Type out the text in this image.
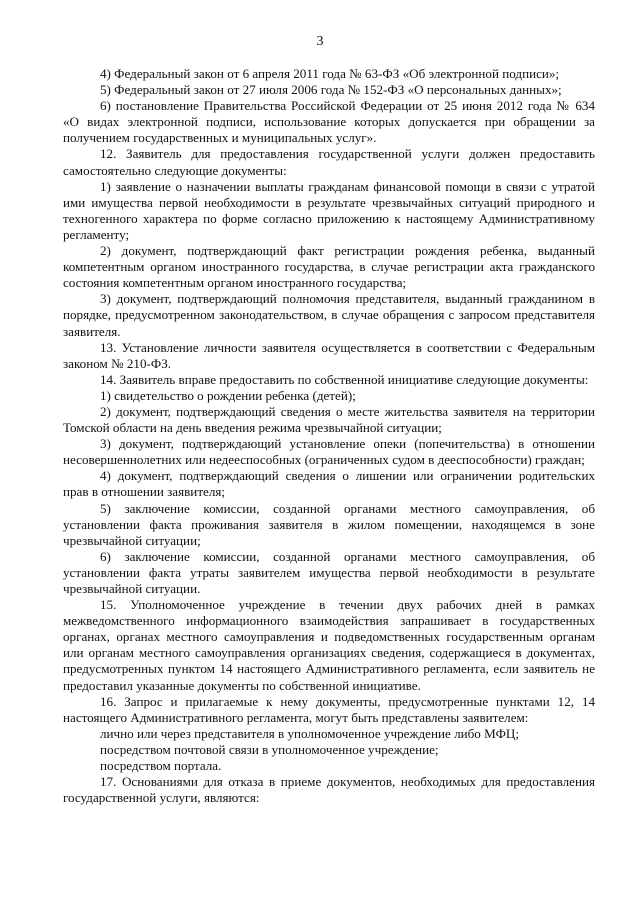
3

4) Федеральный закон от 6 апреля 2011 года № 63-ФЗ «Об электронной подписи»;

5) Федеральный закон от 27 июля 2006 года № 152-ФЗ «О персональных данных»;

6) постановление Правительства Российской Федерации от 25 июня 2012 года № 634 «О видах электронной подписи, использование которых допускается при обращении за получением государственных и муниципальных услуг».

12. Заявитель для предоставления государственной услуги должен предоставить самостоятельно следующие документы:

1) заявление о назначении выплаты гражданам финансовой помощи в связи с утратой ими имущества первой необходимости в результате чрезвычайных ситуаций природного и техногенного характера по форме согласно приложению к настоящему Административному регламенту;

2) документ, подтверждающий факт регистрации рождения ребенка, выданный компетентным органом иностранного государства, в случае регистрации акта гражданского состояния компетентным органом иностранного государства;

3) документ, подтверждающий полномочия представителя, выданный гражданином в порядке, предусмотренном законодательством, в случае обращения с запросом представителя заявителя.

13. Установление личности заявителя осуществляется в соответствии с Федеральным законом № 210-ФЗ.

14. Заявитель вправе предоставить по собственной инициативе следующие документы:

1) свидетельство о рождении ребенка (детей);

2) документ, подтверждающий сведения о месте жительства заявителя на территории Томской области на день введения режима чрезвычайной ситуации;

3) документ, подтверждающий установление опеки (попечительства) в отношении несовершеннолетних или недееспособных (ограниченных судом в дееспособности) граждан;

4) документ, подтверждающий сведения о лишении или ограничении родительских прав в отношении заявителя;

5) заключение комиссии, созданной органами местного самоуправления, об установлении факта проживания заявителя в жилом помещении, находящемся в зоне чрезвычайной ситуации;

6) заключение комиссии, созданной органами местного самоуправления, об установлении факта утраты заявителем имущества первой необходимости в результате чрезвычайной ситуации.

15. Уполномоченное учреждение в течении двух рабочих дней в рамках межведомственного информационного взаимодействия запрашивает в государственных органах, органах местного самоуправления и подведомственных государственным органам или органам местного самоуправления организациях сведения, содержащиеся в документах, предусмотренных пунктом 14 настоящего Административного регламента, если заявитель не предоставил указанные документы по собственной инициативе.

16. Запрос и прилагаемые к нему документы, предусмотренные пунктами 12, 14 настоящего Административного регламента, могут быть представлены заявителем:

лично или через представителя в уполномоченное учреждение либо МФЦ;

посредством почтовой связи в уполномоченное учреждение;

посредством портала.

17. Основаниями для отказа в приеме документов, необходимых для предоставления государственной услуги, являются:
